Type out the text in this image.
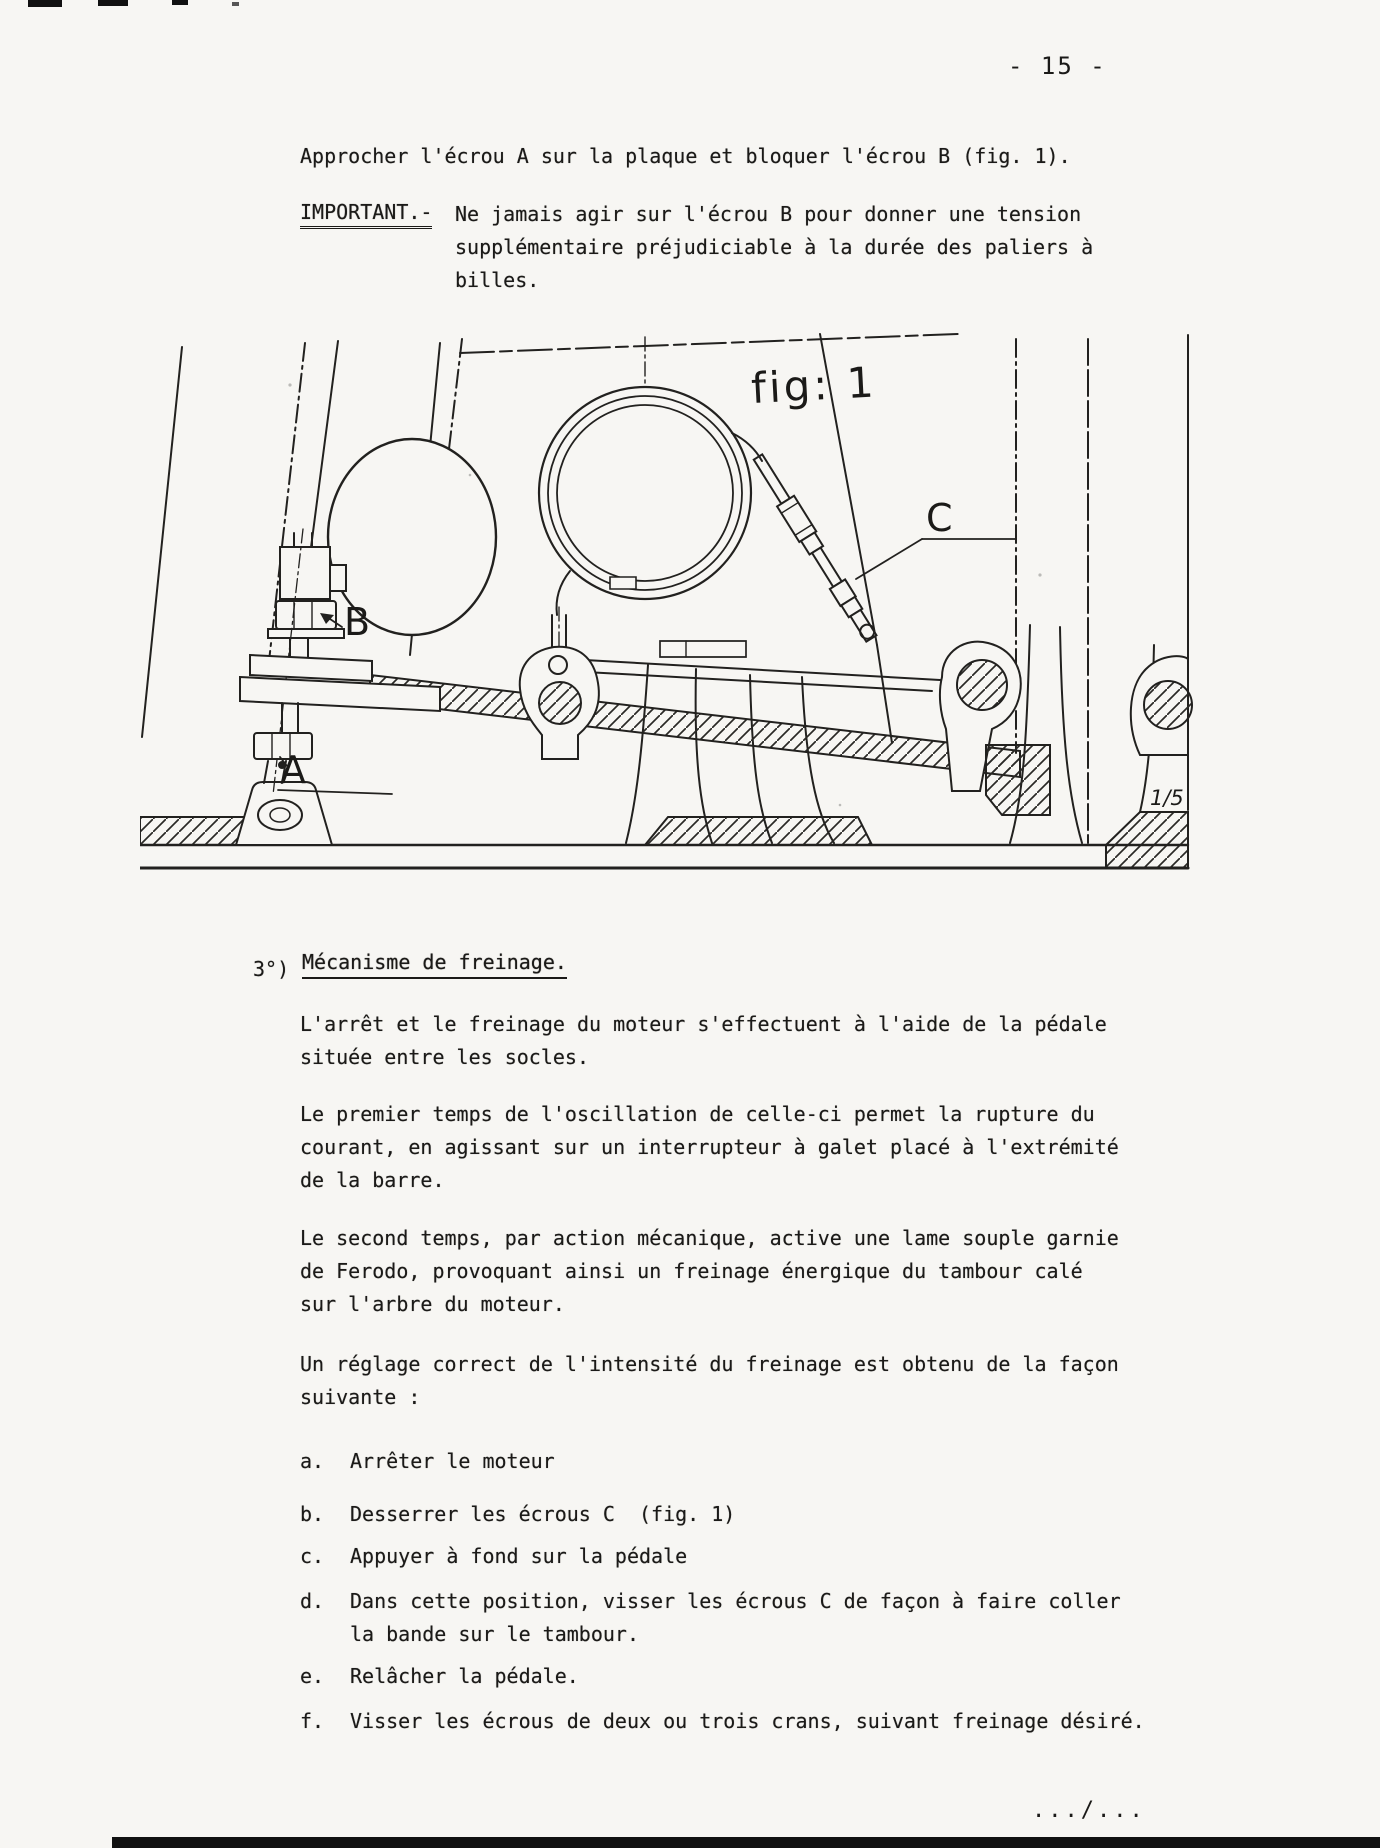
- 15 -
Approcher l'écrou A sur la plaque et bloquer l'écrou B (fig. 1).
IMPORTANT.- Ne jamais agir sur l'écrou B pour donner une tension
supplémentaire préjudiciable à la durée des paliers à
billes.
B
A
C
fig: 1
1/5
3°) Mécanisme de freinage.
L'arrêt et le freinage du moteur s'effectuent à l'aide de la pédale
située entre les socles.
Le premier temps de l'oscillation de celle-ci permet la rupture du
courant, en agissant sur un interrupteur à galet placé à l'extrémité
de la barre.
Le second temps, par action mécanique, active une lame souple garnie
de Ferodo, provoquant ainsi un freinage énergique du tambour calé
sur l'arbre du moteur.
Un réglage correct de l'intensité du freinage est obtenu de la façon
suivante :
a.	Arrêter le moteur
b.	Desserrer les écrous C  (fig. 1)
c.	Appuyer à fond sur la pédale
d.	Dans cette position, visser les écrous C de façon à faire coller
la bande sur le tambour.
e.	Relâcher la pédale.
f.	Visser les écrous de deux ou trois crans, suivant freinage désiré.
.../...
